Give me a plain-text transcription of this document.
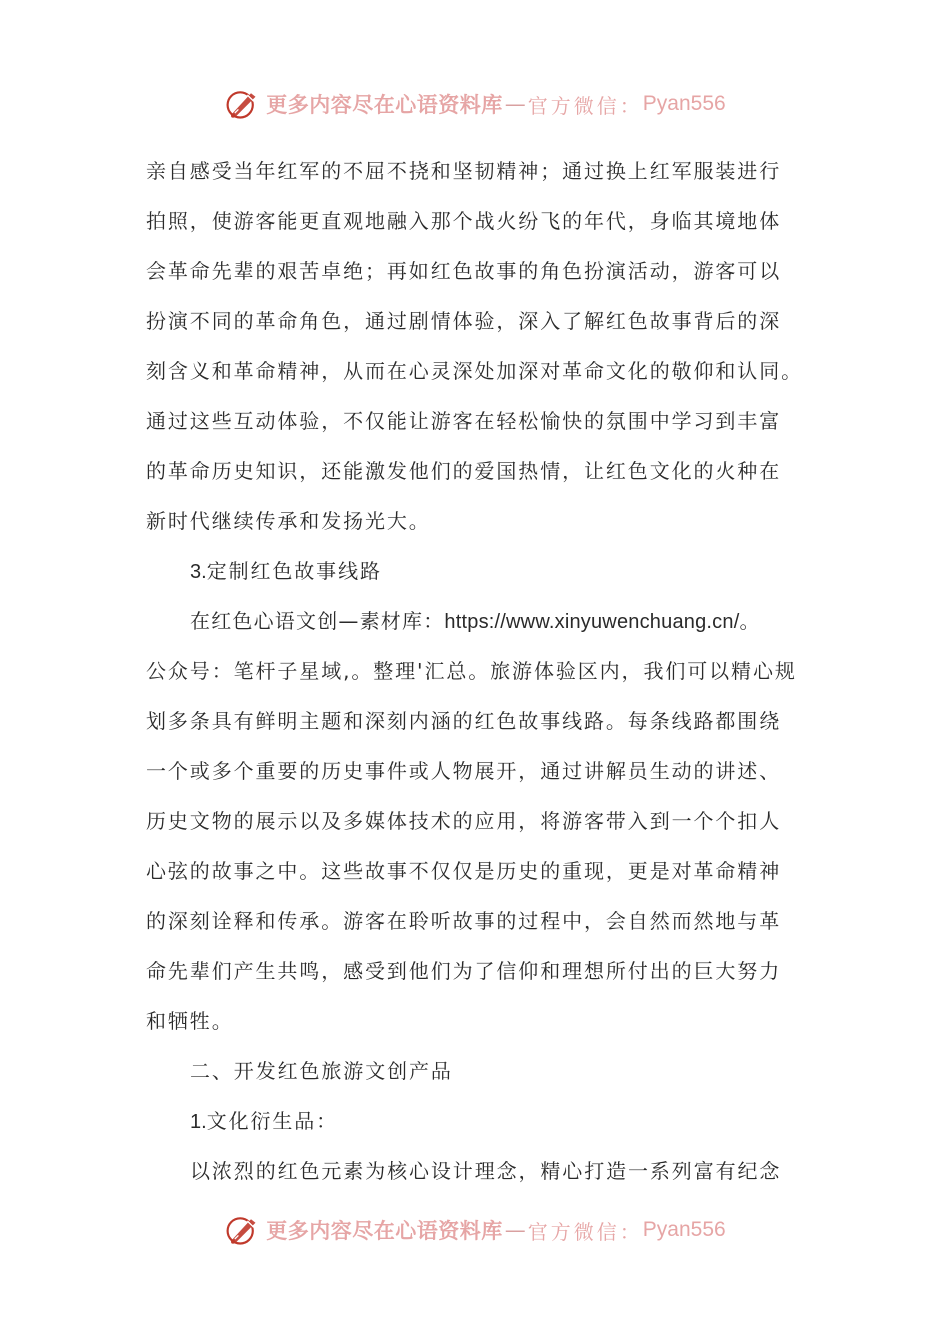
更多内容尽在心语资料库 — 官方微信： Pyan556
亲自感受当年红军的不屈不挠和坚韧精神；通过换上红军服装进行
拍照，使游客能更直观地融入那个战火纷飞的年代，身临其境地体
会革命先辈的艰苦卓绝；再如红色故事的角色扮演活动，游客可以
扮演不同的革命角色，通过剧情体验，深入了解红色故事背后的深
刻含义和革命精神，从而在心灵深处加深对革命文化的敬仰和认同。
通过这些互动体验，不仅能让游客在轻松愉快的氛围中学习到丰富
的革命历史知识，还能激发他们的爱国热情，让红色文化的火种在
新时代继续传承和发扬光大。
3.定制红色故事线路
在红色心语文创—素材库：https://www.xinyuwenchuang.cn/。
公众号：笔杆子星域,。整理'汇总。旅游体验区内，我们可以精心规
划多条具有鲜明主题和深刻内涵的红色故事线路。每条线路都围绕
一个或多个重要的历史事件或人物展开，通过讲解员生动的讲述、
历史文物的展示以及多媒体技术的应用，将游客带入到一个个扣人
心弦的故事之中。这些故事不仅仅是历史的重现，更是对革命精神
的深刻诠释和传承。游客在聆听故事的过程中，会自然而然地与革
命先辈们产生共鸣，感受到他们为了信仰和理想所付出的巨大努力
和牺牲。
二、开发红色旅游文创产品
1.文化衍生品：
以浓烈的红色元素为核心设计理念，精心打造一系列富有纪念
更多内容尽在心语资料库 — 官方微信： Pyan556
